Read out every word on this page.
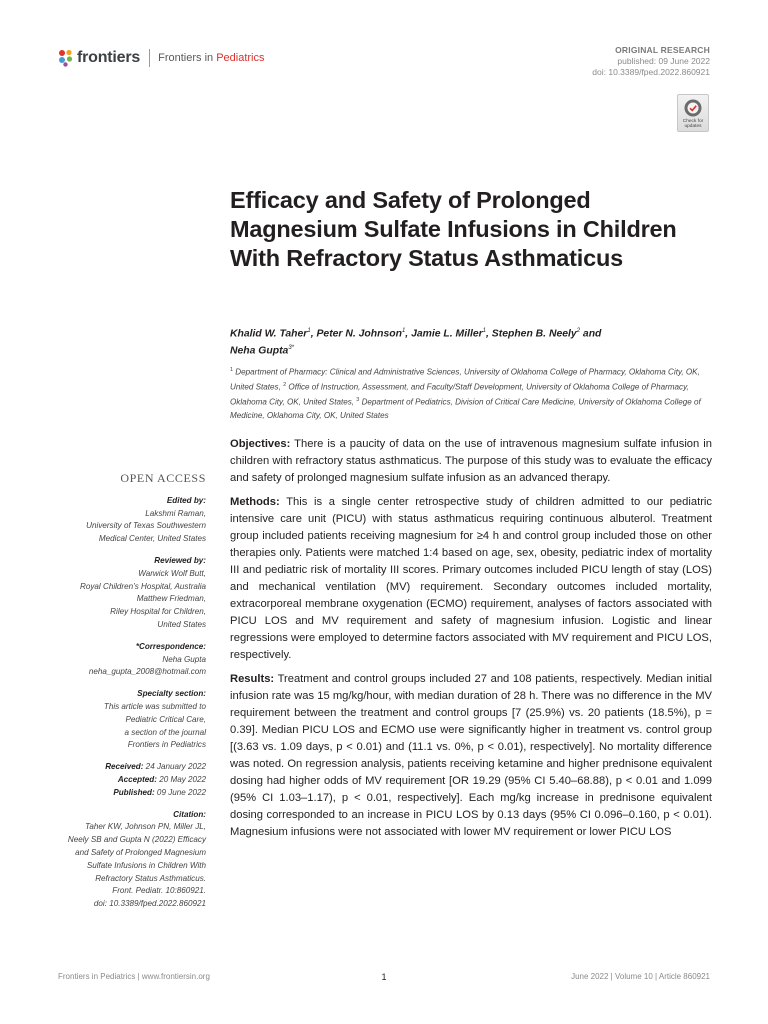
frontiers Frontiers in Pediatrics
ORIGINAL RESEARCH
published: 09 June 2022
doi: 10.3389/fped.2022.860921
Check for updates
Efficacy and Safety of Prolonged Magnesium Sulfate Infusions in Children With Refractory Status Asthmaticus
Khalid W. Taher$^1$, Peter N. Johnson$^1$, Jamie L. Miller$^1$, Stephen B. Neely$^2$ and
Neha Gupta$^{3*}$
$^1$ Department of Pharmacy: Clinical and Administrative Sciences, University of Oklahoma College of Pharmacy, Oklahoma City, OK, United States, $^2$ Office of Instruction, Assessment, and Faculty/Staff Development, University of Oklahoma College of Pharmacy, Oklahoma City, OK, United States, $^3$ Department of Pediatrics, Division of Critical Care Medicine, University of Oklahoma College of Medicine, Oklahoma City, OK, United States
OPEN ACCESS
Edited by:
Lakshmi Raman,
University of Texas Southwestern
Medical Center, United States
Reviewed by:
Warwick Wolf Butt,
Royal Children’s Hospital, Australia
Matthew Friedman,
Riley Hospital for Children,
United States
*Correspondence:
Neha Gupta
neha_gupta_2008@hotmail.com
Specialty section:
This article was submitted to
Pediatric Critical Care,
a section of the journal
Frontiers in Pediatrics
Received: 24 January 2022
Accepted: 20 May 2022
Published: 09 June 2022
Citation:
Taher KW, Johnson PN, Miller JL,
Neely SB and Gupta N (2022) Efficacy
and Safety of Prolonged Magnesium
Sulfate Infusions in Children With
Refractory Status Asthmaticus.
Front. Pediatr. 10:860921.
doi: 10.3389/fped.2022.860921

Objectives: There is a paucity of data on the use of intravenous magnesium sulfate infusion in children with refractory status asthmaticus. The purpose of this study was to evaluate the efficacy and safety of prolonged magnesium sulfate infusion as an advanced therapy.

Methods: This is a single center retrospective study of children admitted to our pediatric intensive care unit (PICU) with status asthmaticus requiring continuous albuterol. Treatment group included patients receiving magnesium for ≥4 h and control group included those on other therapies only. Patients were matched 1:4 based on age, sex, obesity, pediatric index of mortality III and pediatric risk of mortality III scores. Primary outcomes included PICU length of stay (LOS) and mechanical ventilation (MV) requirement. Secondary outcomes included mortality, extracorporeal membrane oxygenation (ECMO) requirement, analyses of factors associated with PICU LOS and MV requirement and safety of magnesium infusion. Logistic and linear regressions were employed to determine factors associated with MV requirement and PICU LOS, respectively.

Results: Treatment and control groups included 27 and 108 patients, respectively. Median initial infusion rate was 15 mg/kg/hour, with median duration of 28 h. There was no difference in the MV requirement between the treatment and control groups [7 (25.9%) vs. 20 patients (18.5%), p = 0.39]. Median PICU LOS and ECMO use were significantly higher in treatment vs. control group [(3.63 vs. 1.09 days, p < 0.01) and (11.1 vs. 0%, p < 0.01), respectively]. No mortality difference was noted. On regression analysis, patients receiving ketamine and higher prednisone equivalent dosing had higher odds of MV requirement [OR 19.29 (95% CI 5.40–68.88), p < 0.01 and 1.099 (95% CI 1.03–1.17), p < 0.01, respectively]. Each mg/kg increase in prednisone equivalent dosing corresponded to an increase in PICU LOS by 0.13 days (95% CI 0.096–0.160, p < 0.01). Magnesium infusions were not associated with lower MV requirement or lower PICU LOS

Frontiers in Pediatrics | www.frontiersin.org	1	June 2022 | Volume 10 | Article 860921
